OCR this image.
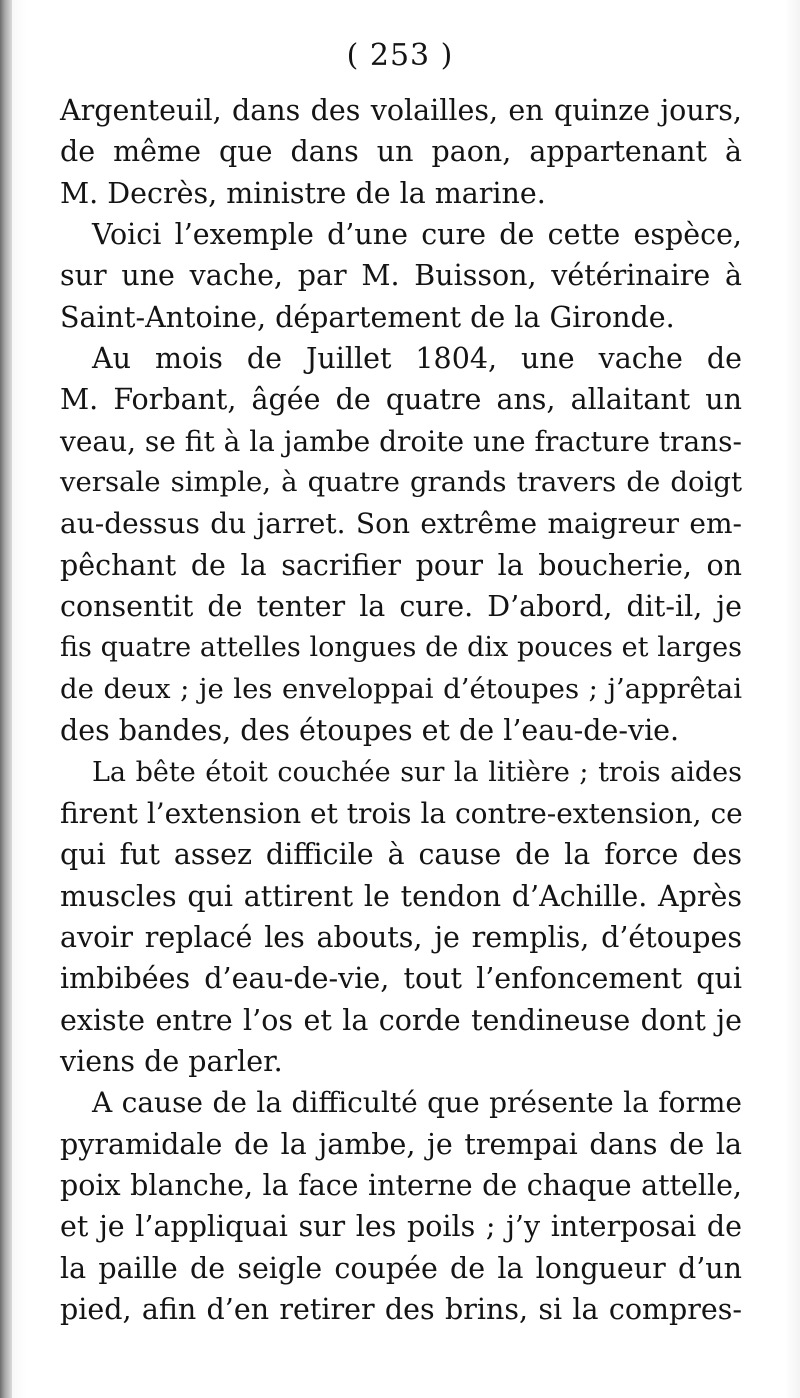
( 253 )
Argenteuil, dans des volailles, en quinze jours,
de même que dans un paon, appartenant à
M. Decrès, ministre de la marine.
Voici l’exemple d’une cure de cette espèce,
sur une vache, par M. Buisson, vétérinaire à
Saint-Antoine, département de la Gironde.
Au mois de Juillet 1804, une vache de
M. Forbant, âgée de quatre ans, allaitant un
veau, se fit à la jambe droite une fracture trans-
versale simple, à quatre grands travers de doigt
au-dessus du jarret. Son extrême maigreur em-
pêchant de la sacrifier pour la boucherie, on
consentit de tenter la cure. D’abord, dit-il, je
fis quatre attelles longues de dix pouces et larges
de deux ; je les enveloppai d’étoupes ; j’apprêtai
des bandes, des étoupes et de l’eau-de-vie.
La bête étoit couchée sur la litière ; trois aides
firent l’extension et trois la contre-extension, ce
qui fut assez difficile à cause de la force des
muscles qui attirent le tendon d’Achille. Après
avoir replacé les abouts, je remplis, d’étoupes
imbibées d’eau-de-vie, tout l’enfoncement qui
existe entre l’os et la corde tendineuse dont je
viens de parler.
A cause de la difficulté que présente la forme
pyramidale de la jambe, je trempai dans de la
poix blanche, la face interne de chaque attelle,
et je l’appliquai sur les poils ; j’y interposai de
la paille de seigle coupée de la longueur d’un
pied, afin d’en retirer des brins, si la compres-
